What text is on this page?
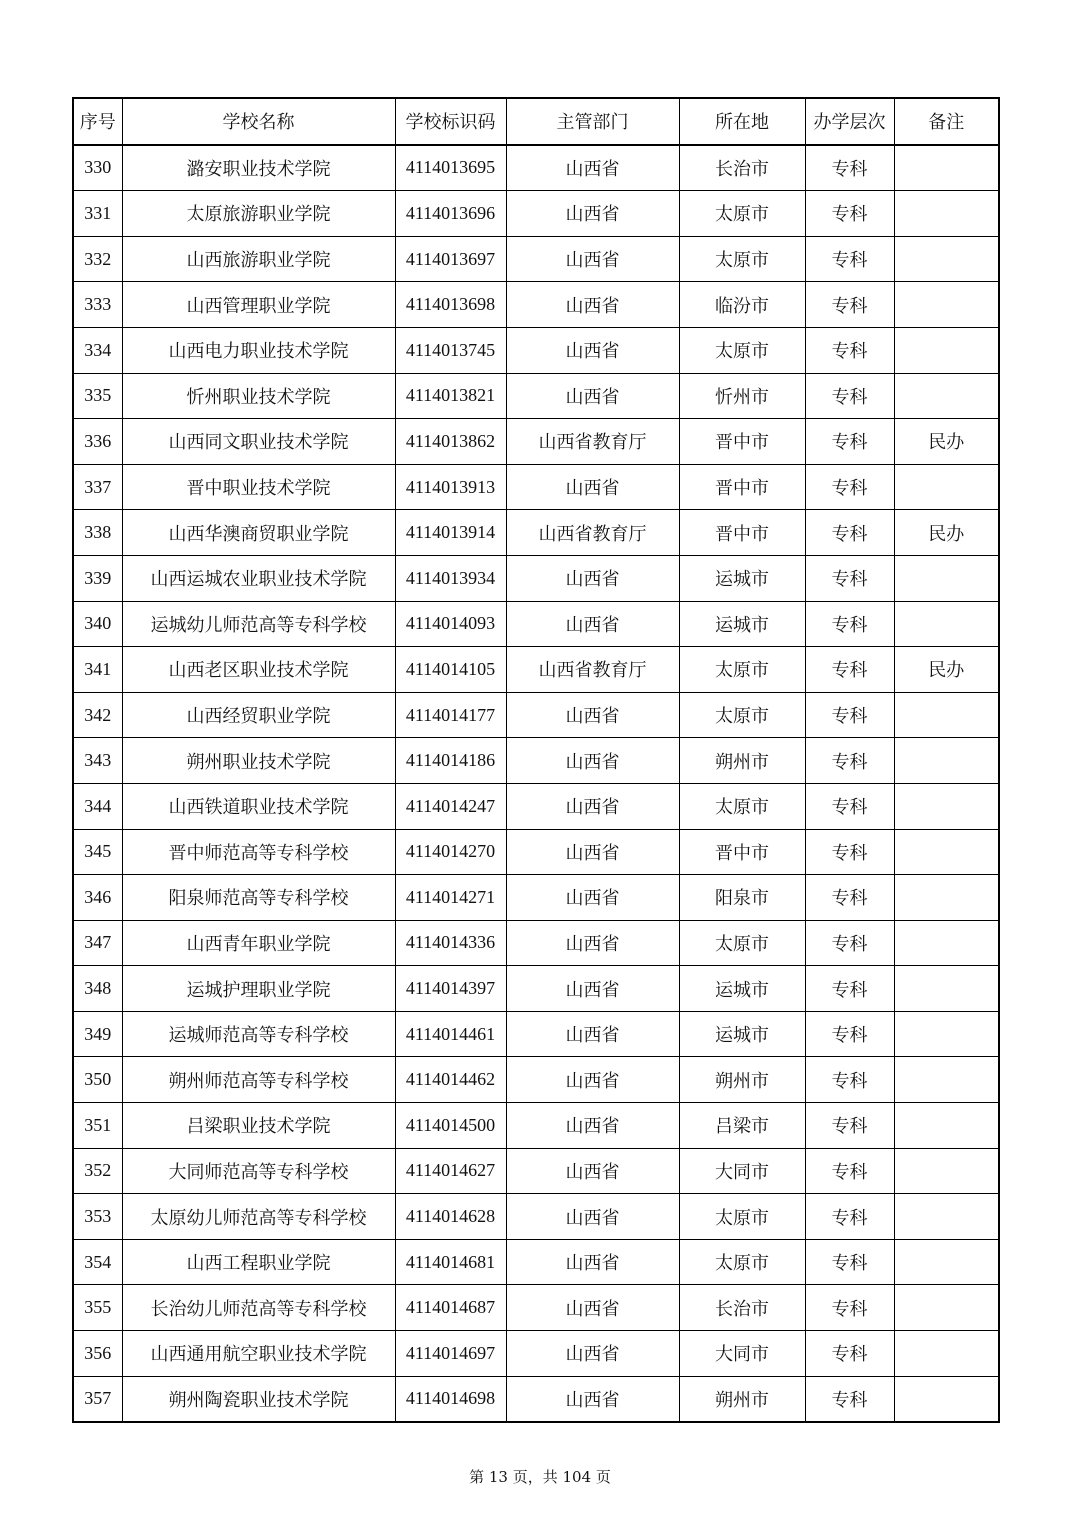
序号	学校名称	学校标识码	主管部门	所在地	办学层次	备注
330	潞安职业技术学院	4114013695	山西省	长治市	专科	
331	太原旅游职业学院	4114013696	山西省	太原市	专科	
332	山西旅游职业学院	4114013697	山西省	太原市	专科	
333	山西管理职业学院	4114013698	山西省	临汾市	专科	
334	山西电力职业技术学院	4114013745	山西省	太原市	专科	
335	忻州职业技术学院	4114013821	山西省	忻州市	专科	
336	山西同文职业技术学院	4114013862	山西省教育厅	晋中市	专科	民办
337	晋中职业技术学院	4114013913	山西省	晋中市	专科	
338	山西华澳商贸职业学院	4114013914	山西省教育厅	晋中市	专科	民办
339	山西运城农业职业技术学院	4114013934	山西省	运城市	专科	
340	运城幼儿师范高等专科学校	4114014093	山西省	运城市	专科	
341	山西老区职业技术学院	4114014105	山西省教育厅	太原市	专科	民办
342	山西经贸职业学院	4114014177	山西省	太原市	专科	
343	朔州职业技术学院	4114014186	山西省	朔州市	专科	
344	山西铁道职业技术学院	4114014247	山西省	太原市	专科	
345	晋中师范高等专科学校	4114014270	山西省	晋中市	专科	
346	阳泉师范高等专科学校	4114014271	山西省	阳泉市	专科	
347	山西青年职业学院	4114014336	山西省	太原市	专科	
348	运城护理职业学院	4114014397	山西省	运城市	专科	
349	运城师范高等专科学校	4114014461	山西省	运城市	专科	
350	朔州师范高等专科学校	4114014462	山西省	朔州市	专科	
351	吕梁职业技术学院	4114014500	山西省	吕梁市	专科	
352	大同师范高等专科学校	4114014627	山西省	大同市	专科	
353	太原幼儿师范高等专科学校	4114014628	山西省	太原市	专科	
354	山西工程职业学院	4114014681	山西省	太原市	专科	
355	长治幼儿师范高等专科学校	4114014687	山西省	长治市	专科	
356	山西通用航空职业技术学院	4114014697	山西省	大同市	专科	
357	朔州陶瓷职业技术学院	4114014698	山西省	朔州市	专科	
第 13 页，共 104 页
